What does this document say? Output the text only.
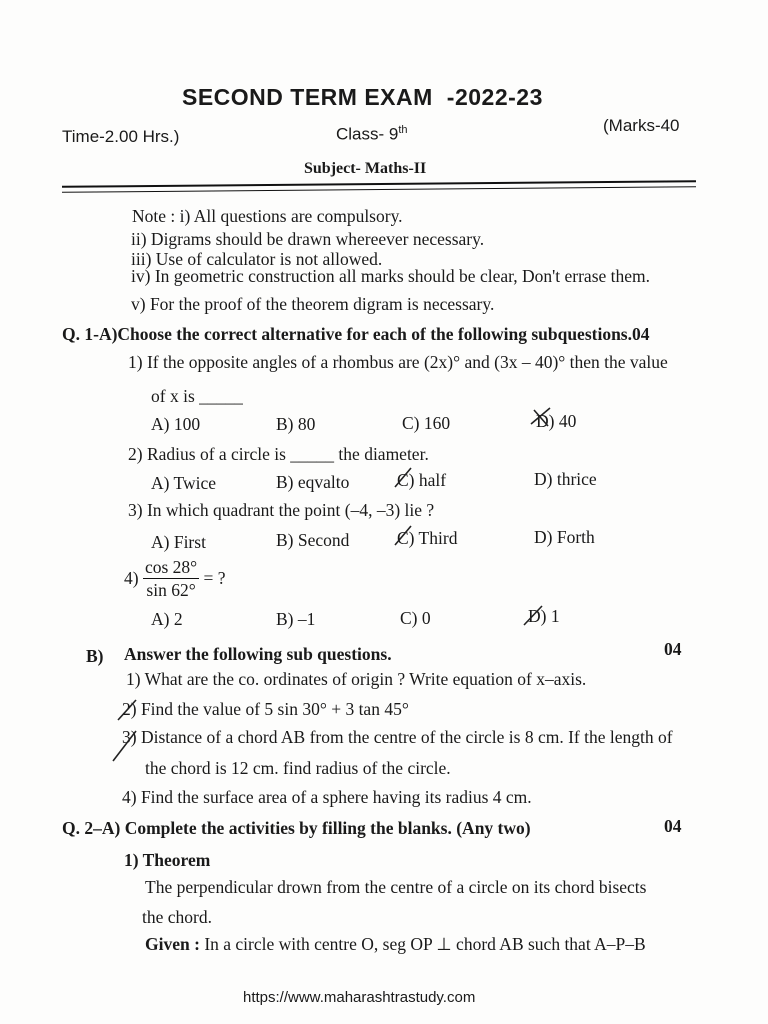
SECOND TERM EXAM -2022-23
Time-2.00 Hrs.)	Class- 9th	(Marks-40
Subject- Maths-II
Note : i) All questions are compulsory.
ii) Digrams should be drawn whereever necessary.
iii) Use of calculator is not allowed.
iv) In geometric construction all marks should be clear, Don't errase them.
v) For the proof of the theorem digram is necessary.
Q. 1-A)Choose the correct alternative for each of the following subquestions.04
1) If the opposite angles of a rhombus are (2x)° and (3x – 40)° then the value
of x is _____
A) 100	B) 80	C) 160	D) 40
2) Radius of a circle is _____ the diameter.
A) Twice	B) eqvalto	C) half	D) thrice
3) In which quadrant the point (–4, –3) lie ?
A) First	B) Second	C) Third	D) Forth
$4) \frac{\cos 28^\circ}{\sin 62^\circ}$ = ?
A) 2	B) –1	C) 0	D) 1
B) Answer the following sub questions.	04
1) What are the co. ordinates of origin ? Write equation of x–axis.
2) Find the value of 5 sin 30° + 3 tan 45°
3) Distance of a chord AB from the centre of the circle is 8 cm. If the length of
the chord is 12 cm. find radius of the circle.
4) Find the surface area of a sphere having its radius 4 cm.
Q. 2–A) Complete the activities by filling the blanks. (Any two)	04
1) Theorem
The perpendicular drown from the centre of a circle on its chord bisects
the chord.
Given : In a circle with centre O, seg OP ⊥ chord AB such that A–P–B
https://www.maharashtrastudy.com
